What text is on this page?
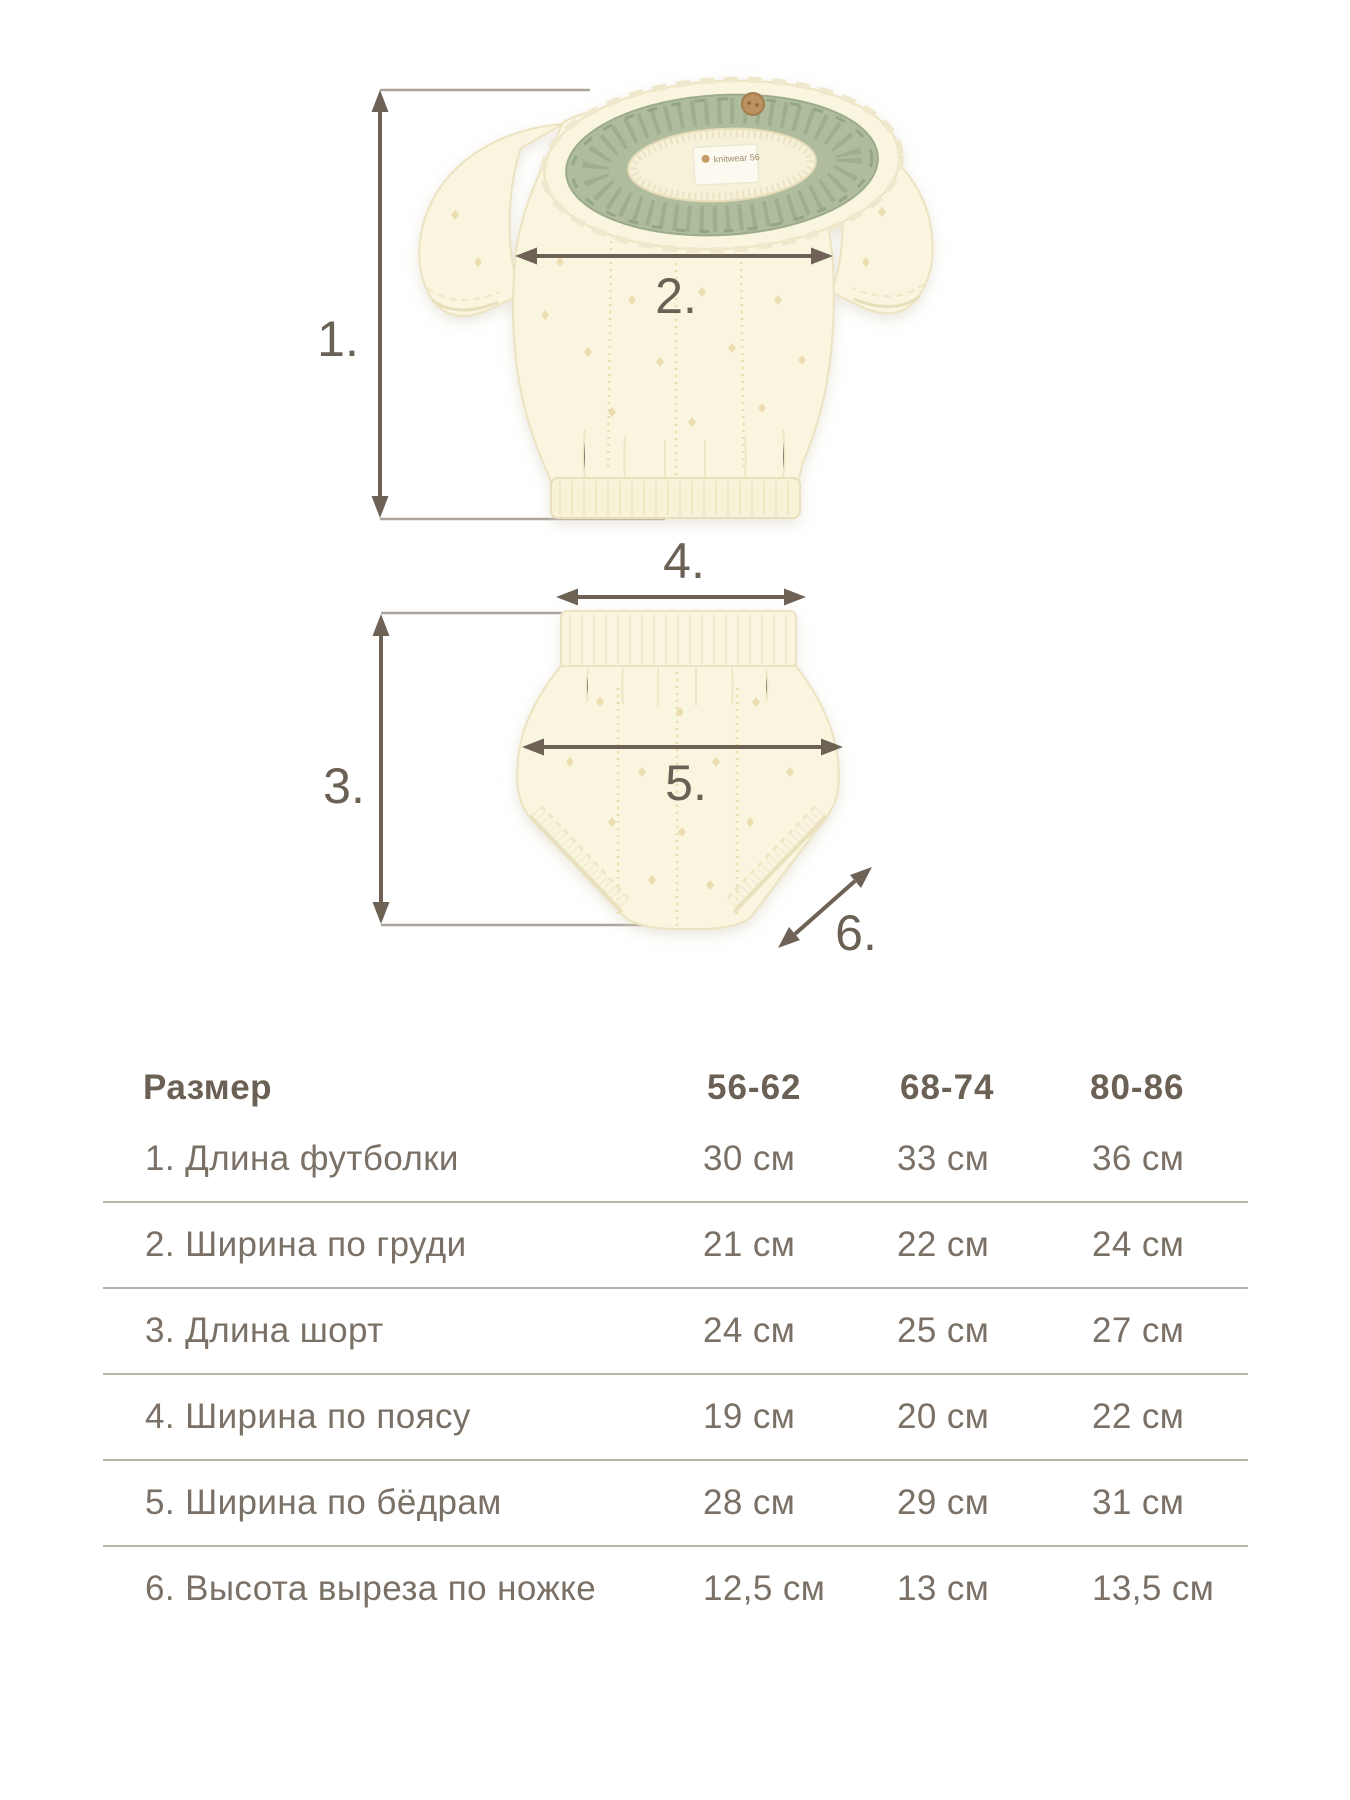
knitwear 56
1.
2.
3.
4.
5.
6.
Размер	56-62	68-74	80-86
1. Длина футболки	30 см	33 см	36 см
2. Ширина по груди	21 см	22 см	24 см
3. Длина шорт	24 см	25 см	27 см
4. Ширина по поясу	19 см	20 см	22 см
5. Ширина по бёдрам	28 см	29 см	31 см
6. Высота выреза по ножке	12,5 см 13 см	13,5 см
